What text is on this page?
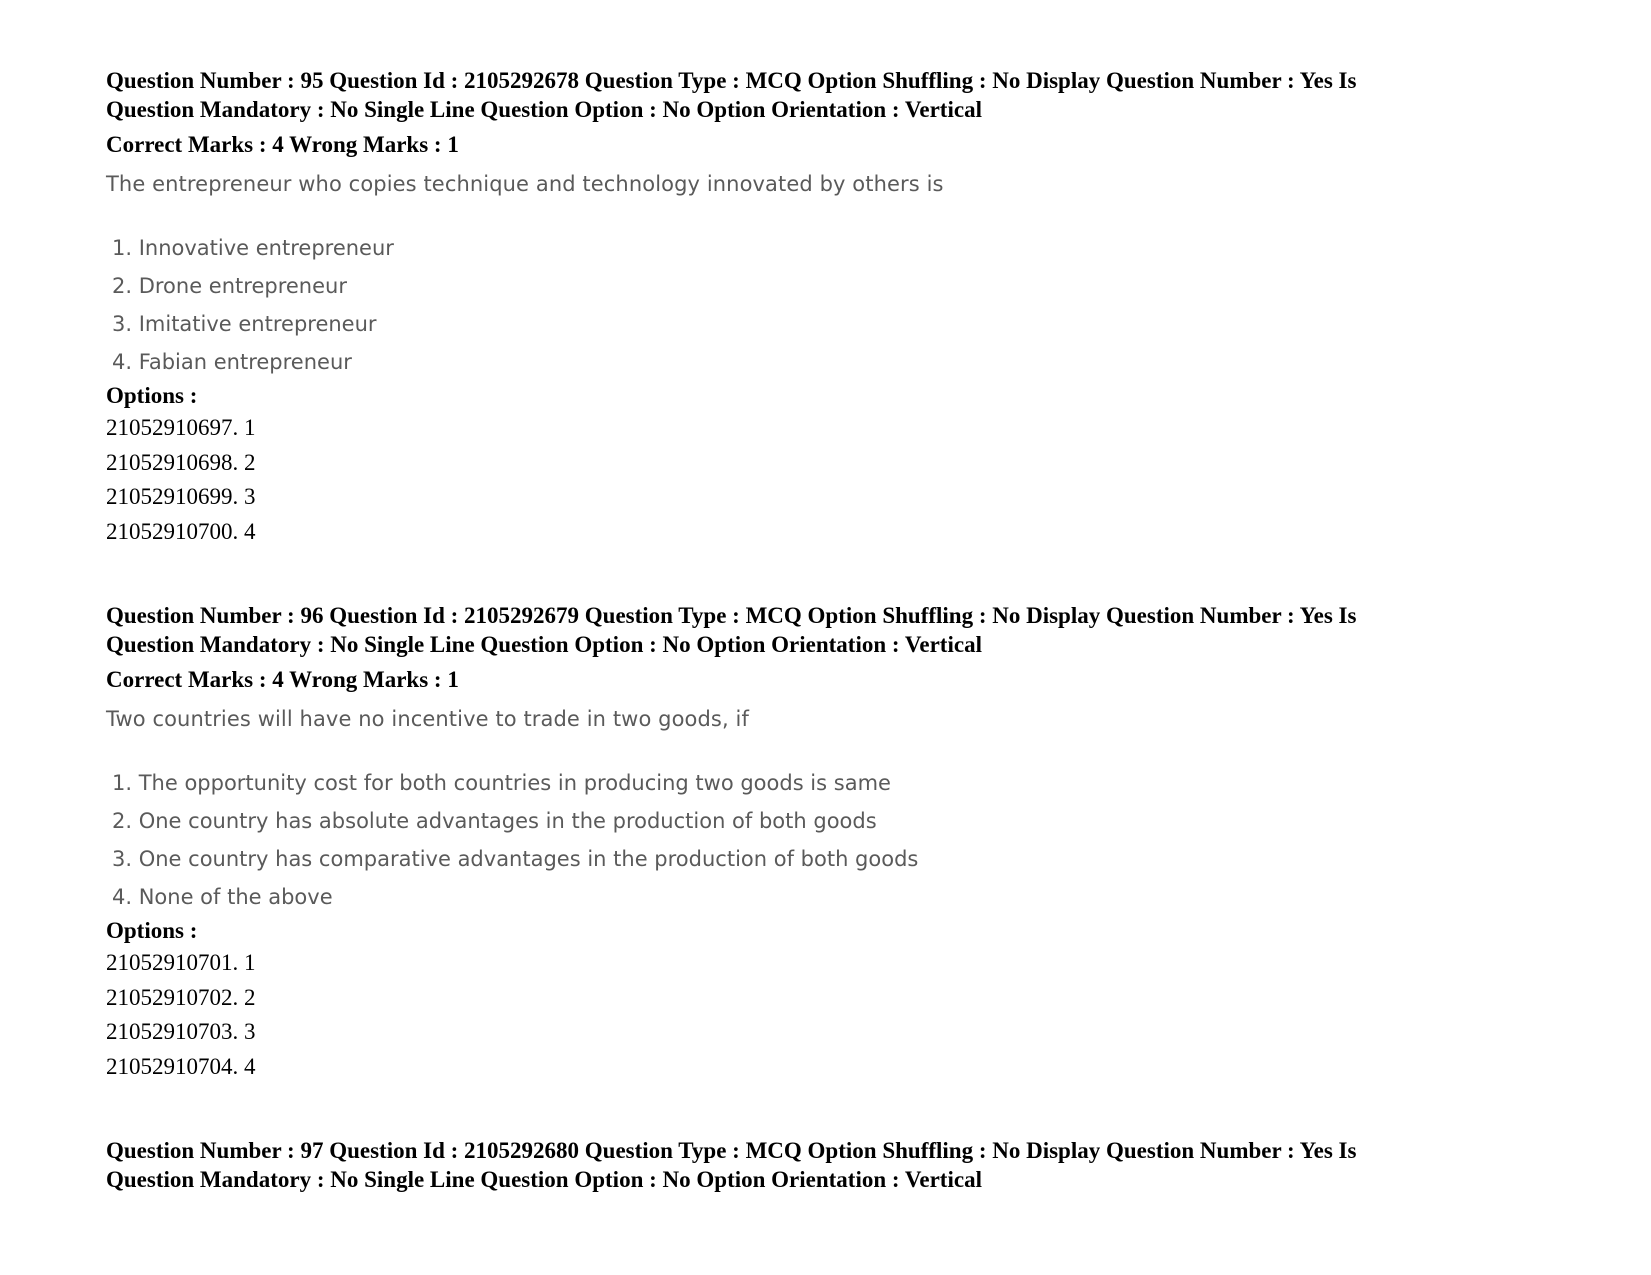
Question Number : 95 Question Id : 2105292678 Question Type : MCQ Option Shuffling : No Display Question Number : Yes Is
Question Mandatory : No Single Line Question Option : No Option Orientation : Vertical
Correct Marks : 4 Wrong Marks : 1
The entrepreneur who copies technique and technology innovated by others is
1. Innovative entrepreneur
2. Drone entrepreneur
3. Imitative entrepreneur
4. Fabian entrepreneur
Options :
21052910697. 1
21052910698. 2
21052910699. 3
21052910700. 4
Question Number : 96 Question Id : 2105292679 Question Type : MCQ Option Shuffling : No Display Question Number : Yes Is
Question Mandatory : No Single Line Question Option : No Option Orientation : Vertical
Correct Marks : 4 Wrong Marks : 1
Two countries will have no incentive to trade in two goods, if
1. The opportunity cost for both countries in producing two goods is same
2. One country has absolute advantages in the production of both goods
3. One country has comparative advantages in the production of both goods
4. None of the above
Options :
21052910701. 1
21052910702. 2
21052910703. 3
21052910704. 4
Question Number : 97 Question Id : 2105292680 Question Type : MCQ Option Shuffling : No Display Question Number : Yes Is
Question Mandatory : No Single Line Question Option : No Option Orientation : Vertical
